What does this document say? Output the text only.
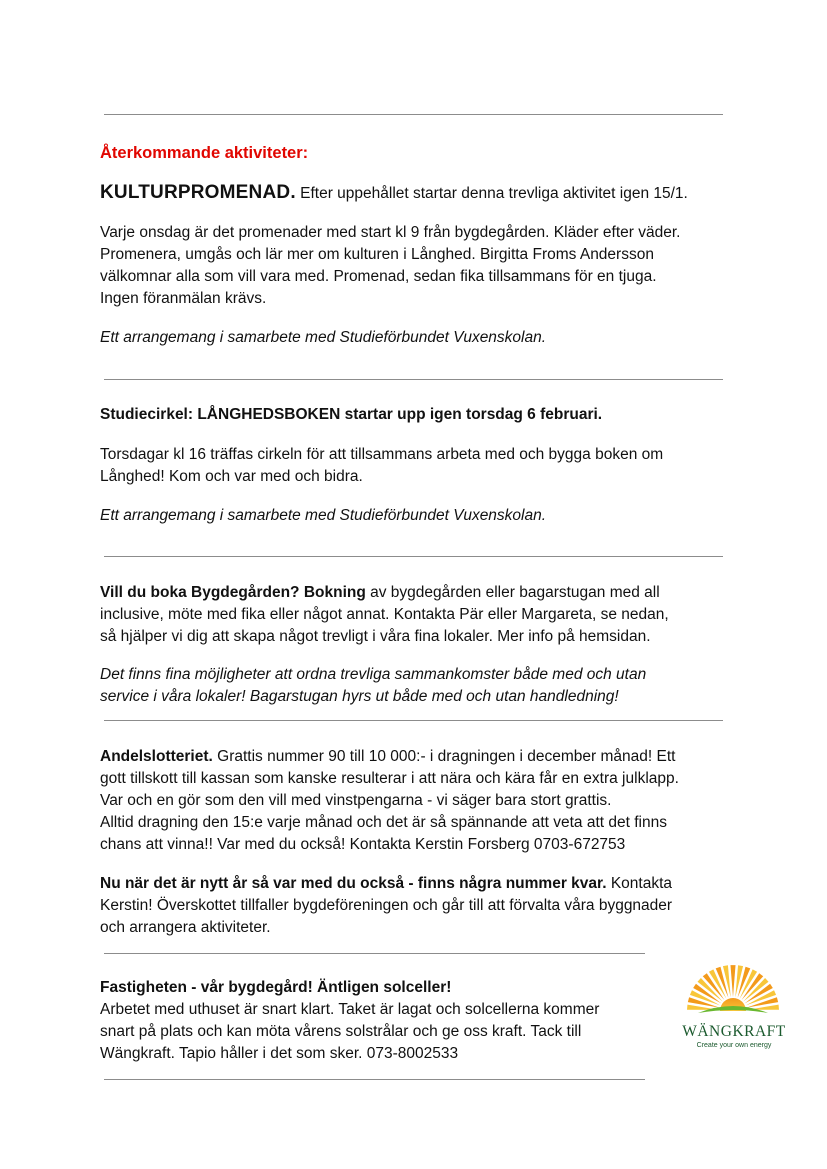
Återkommande aktiviteter:

KULTURPROMENAD. Efter uppehållet startar denna trevliga aktivitet igen 15/1.

Varje onsdag är det promenader med start kl 9 från bygdegården. Kläder efter väder.
Promenera, umgås och lär mer om kulturen i Långhed. Birgitta Froms Andersson
välkomnar alla som vill vara med. Promenad, sedan fika tillsammans för en tjuga.
Ingen föranmälan krävs.

Ett arrangemang i samarbete med Studieförbundet Vuxenskolan.

Studiecirkel: LÅNGHEDSBOKEN startar upp igen torsdag 6 februari.

Torsdagar kl 16 träffas cirkeln för att tillsammans arbeta med och bygga boken om
Långhed! Kom och var med och bidra.

Ett arrangemang i samarbete med Studieförbundet Vuxenskolan.

Vill du boka Bygdegården? Bokning av bygdegården eller bagarstugan med all
inclusive, möte med fika eller något annat. Kontakta Pär eller Margareta, se nedan,
så hjälper vi dig att skapa något trevligt i våra fina lokaler. Mer info på hemsidan.

Det finns fina möjligheter att ordna trevliga sammankomster både med och utan
service i våra lokaler! Bagarstugan hyrs ut både med och utan handledning!

Andelslotteriet. Grattis nummer 90 till 10 000:- i dragningen i december månad! Ett
gott tillskott till kassan som kanske resulterar i att nära och kära får en extra julklapp.
Var och en gör som den vill med vinstpengarna - vi säger bara stort grattis.
Alltid dragning den 15:e varje månad och det är så spännande att veta att det finns
chans att vinna!! Var med du också! Kontakta Kerstin Forsberg 0703-672753

Nu när det är nytt år så var med du också - finns några nummer kvar. Kontakta
Kerstin! Överskottet tillfaller bygdeföreningen och går till att förvalta våra byggnader
och arrangera aktiviteter.

Fastigheten - vår bygdegård! Äntligen solceller!
Arbetet med uthuset är snart klart. Taket är lagat och solcellerna kommer
snart på plats och kan möta vårens solstrålar och ge oss kraft. Tack till
Wängkraft. Tapio håller i det som sker. 073-8002533

WÄNGKRAFT
Create your own energy
